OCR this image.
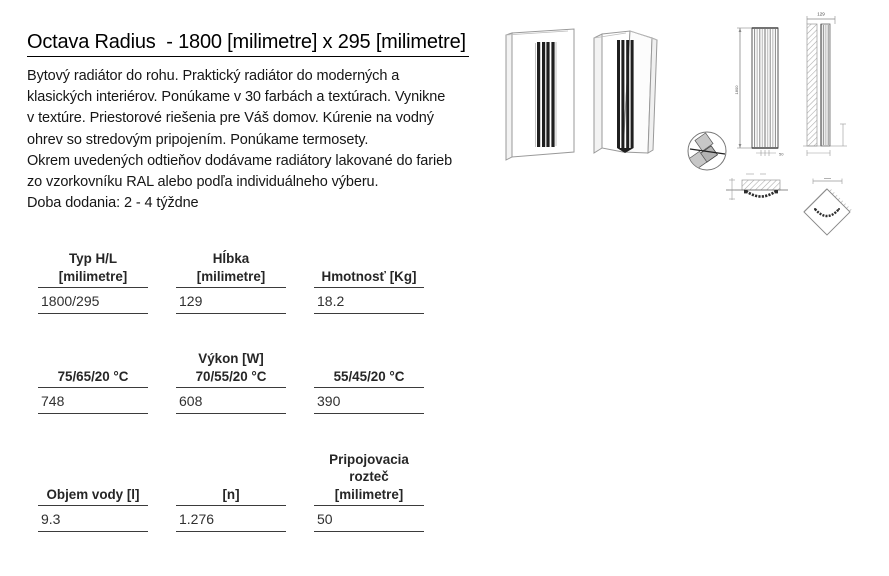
Octava Radius  - 1800 [milimetre] x 295 [milimetre]
Bytový radiátor do rohu. Praktický radiátor do moderných a
klasických interiérov. Ponúkame v 30 farbách a textúrach. Vynikne
v textúre. Priestorové riešenia pre Váš domov. Kúrenie na vodný
ohrev so stredovým pripojením. Ponúkame termosety.
Okrem uvedených odtieňov dodávame radiátory lakované do farieb
zo vzorkovníku RAL alebo podľa individuálneho výberu.
Doba dodania: 2 - 4 týždne
1800
50
129
Typ H/L
[milimetre]
1800/295
Hĺbka
[milimetre]
129
Hmotnosť [Kg]
18.2
75/65/20 °C
748
Výkon [W]
70/55/20 °C
608
55/45/20 °C
390
Objem vody [l]
9.3
[n]
1.276
Pripojovacia
rozteč
[milimetre]
50
